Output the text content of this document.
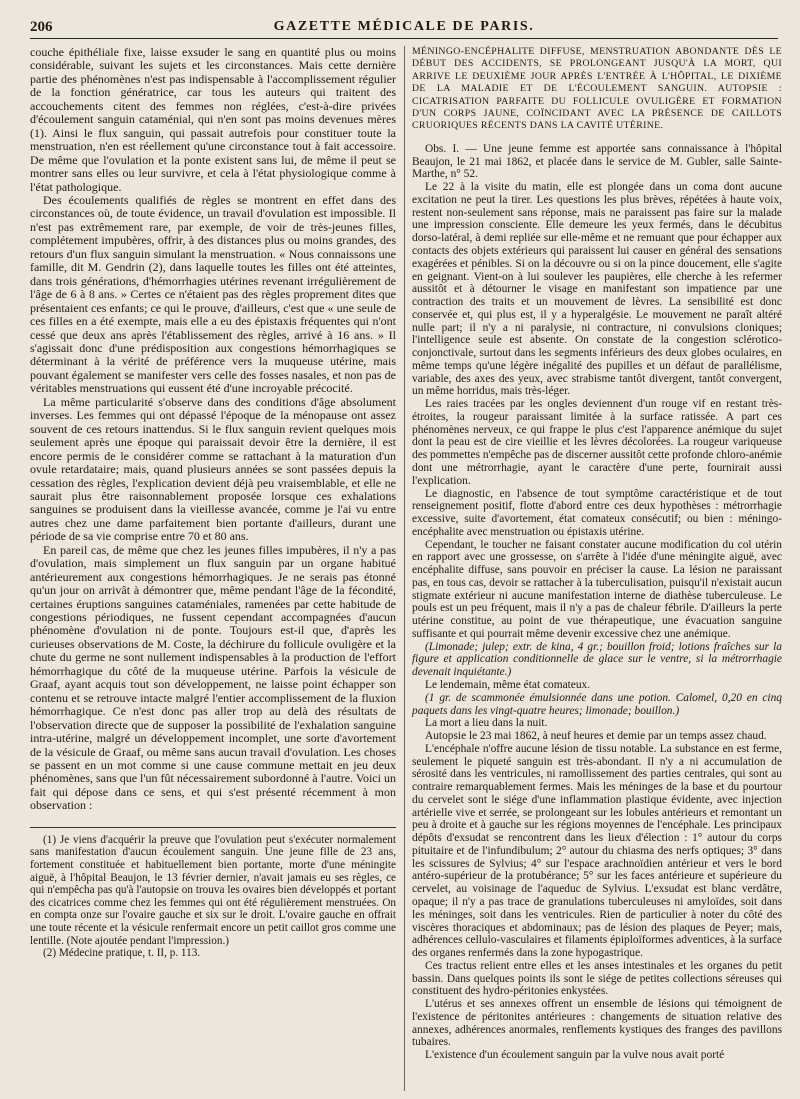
206	GAZETTE MÉDICALE DE PARIS.

couche épithéliale fixe, laisse exsuder le sang en quantité plus ou moins considérable, suivant les sujets et les circonstances. Mais cette dernière partie des phénomènes n'est pas indispensable à l'accomplissement régulier de la fonction génératrice, car tous les auteurs qui traitent des accouchements citent des femmes non réglées, c'est-à-dire privées d'écoulement sanguin cataménial, qui n'en sont pas moins devenues mères (1). Ainsi le flux sanguin, qui passait autrefois pour constituer toute la menstruation, n'en est réellement qu'une circonstance tout à fait accessoire. De même que l'ovulation et la ponte existent sans lui, de même il peut se montrer sans elles ou leur survivre, et cela à l'état physiologique comme à l'état pathologique.

Des écoulements qualifiés de règles se montrent en effet dans des circonstances où, de toute évidence, un travail d'ovulation est impossible. Il n'est pas extrêmement rare, par exemple, de voir de très-jeunes filles, complétement impubères, offrir, à des distances plus ou moins grandes, des retours d'un flux sanguin simulant la menstruation. « Nous connaissons une famille, dit M. Gendrin (2), dans laquelle toutes les filles ont été atteintes, dans trois générations, d'hémorrhagies utérines revenant irrégulièrement de l'âge de 6 à 8 ans. » Certes ce n'étaient pas des règles proprement dites que présentaient ces enfants; ce qui le prouve, d'ailleurs, c'est que « une seule de ces filles en a été exempte, mais elle a eu des épistaxis fréquentes qui n'ont cessé que deux ans après l'établissement des règles, arrivé à 16 ans. » Il s'agissait donc d'une prédisposition aux congestions hémorrhagiques se déterminant à la vérité de préférence vers la muqueuse utérine, mais pouvant également se manifester vers celle des fosses nasales, et non pas de véritables menstruations qui eussent été d'une incroyable précocité.

La même particularité s'observe dans des conditions d'âge absolument inverses. Les femmes qui ont dépassé l'époque de la ménopause ont assez souvent de ces retours inattendus. Si le flux sanguin revient quelques mois seulement après une époque qui paraissait devoir être la dernière, il est encore permis de le considérer comme se rattachant à la maturation d'un ovule retardataire; mais, quand plusieurs années se sont passées depuis la cessation des règles, l'explication devient déjà peu vraisemblable, et elle ne saurait plus être raisonnablement proposée lorsque ces exhalations sanguines se produisent dans la vieillesse avancée, comme je l'ai vu entre autres chez une dame parfaitement bien portante d'ailleurs, durant une période de sa vie comprise entre 70 et 80 ans.

En pareil cas, de même que chez les jeunes filles impubères, il n'y a pas d'ovulation, mais simplement un flux sanguin par un organe habitué antérieurement aux congestions hémorrhagiques. Je ne serais pas étonné qu'un jour on arrivât à démontrer que, même pendant l'âge de la fécondité, certaines éruptions sanguines cataméniales, ramenées par cette habitude de congestions périodiques, ne fussent cependant accompagnées d'aucun phénomène d'ovulation ni de ponte. Toujours est-il que, d'après les curieuses observations de M. Coste, la déchirure du follicule ovuligère et la chute du germe ne sont nullement indispensables à la production de l'effort hémorrhagique du côté de la muqueuse utérine. Parfois la vésicule de Graaf, ayant acquis tout son développement, ne laisse point échapper son contenu et se retrouve intacte malgré l'entier accomplissement de la fluxion hémorrhagique. Ce n'est donc pas aller trop au delà des résultats de l'observation directe que de supposer la possibilité de l'exhalation sanguine intra-utérine, malgré un développement incomplet, une sorte d'avortement de la vésicule de Graaf, ou même sans aucun travail d'ovulation. Les choses se passent en un mot comme si une cause commune mettait en jeu deux phénomènes, sans que l'un fût nécessairement subordonné à l'autre. Voici un fait qui dépose dans ce sens, et qui s'est présenté récemment à mon observation :

(1) Je viens d'acquérir la preuve que l'ovulation peut s'exécuter normalement sans manifestation d'aucun écoulement sanguin. Une jeune fille de 23 ans, fortement constituée et habituellement bien portante, morte d'une méningite aiguë, à l'hôpital Beaujon, le 13 février dernier, n'avait jamais eu ses règles, ce qui n'empêcha pas qu'à l'autopsie on trouva les ovaires bien développés et portant des cicatrices comme chez les femmes qui ont été régulièrement menstruées. On en compta onze sur l'ovaire gauche et six sur le droit. L'ovaire gauche en offrait une toute récente et la vésicule renfermait encore un petit caillot gros comme une lentille. (Note ajoutée pendant l'impression.)

(2) Médecine pratique, t. II, p. 113.

MÉNINGO-ENCÉPHALITE DIFFUSE, MENSTRUATION ABONDANTE DÈS LE DÉBUT DES ACCIDENTS, SE PROLONGEANT JUSQU'À LA MORT, QUI ARRIVE LE DEUXIÈME JOUR APRÈS L'ENTRÉE À L'HÔPITAL, LE DIXIÈME DE LA MALADIE ET DE L'ÉCOULEMENT SANGUIN. AUTOPSIE : CICATRISATION PARFAITE DU FOLLICULE OVULIGÈRE ET FORMATION D'UN CORPS JAUNE, COÏNCIDANT AVEC LA PRÉSENCE DE CAILLOTS CRUORIQUES RÉCENTS DANS LA CAVITÉ UTÉRINE.

Obs. I. — Une jeune femme est apportée sans connaissance à l'hôpital Beaujon, le 21 mai 1862, et placée dans le service de M. Gubler, salle Sainte-Marthe, n° 52.

Le 22 à la visite du matin, elle est plongée dans un coma dont aucune excitation ne peut la tirer. Les questions les plus brèves, répétées à haute voix, restent non-seulement sans réponse, mais ne paraissent pas faire sur la malade une impression consciente. Elle demeure les yeux fermés, dans le décubitus dorso-latéral, à demi repliée sur elle-même et ne remuant que pour échapper aux contacts des objets extérieurs qui paraissent lui causer en général des sensations exagérées et pénibles. Si on la découvre ou si on la pince doucement, elle s'agite en geignant. Vient-on à lui soulever les paupières, elle cherche à les refermer aussitôt et à détourner le visage en manifestant son impatience par une contraction des traits et un mouvement de lèvres. La sensibilité est donc conservée et, qui plus est, il y a hyperalgésie. Le mouvement ne paraît altéré nulle part; il n'y a ni paralysie, ni contracture, ni convulsions cloniques; l'intelligence seule est absente. On constate de la congestion scléroticо-conjonctivale, surtout dans les segments inférieurs des deux globes oculaires, en même temps qu'une légère inégalité des pupilles et un défaut de parallélisme, variable, des axes des yeux, avec strabisme tantôt divergent, tantôt convergent, un même horridus, mais très-léger.

Les raies tracées par les ongles deviennent d'un rouge vif en restant très-étroites, la rougeur paraissant limitée à la surface ratissée. A part ces phénomènes nerveux, ce qui frappe le plus c'est l'apparence anémique du sujet dont la peau est de cire vieillie et les lèvres décolorées. La rougeur variqueuse des pommettes n'empêche pas de discerner aussitôt cette profonde chloro-anémie dont une métrorrhagie, ayant le caractère d'une perte, fournirait aussi l'explication.

Le diagnostic, en l'absence de tout symptôme caractéristique et de tout renseignement positif, flotte d'abord entre ces deux hypothèses : métrorrhagie excessive, suite d'avortement, état comateux consécutif; ou bien : méningo-encéphalite avec menstruation ou épistaxis utérine.

Cependant, le toucher ne faisant constater aucune modification du col utérin en rapport avec une grossesse, on s'arrête à l'idée d'une méningite aiguë, avec encéphalite diffuse, sans pouvoir en préciser la cause. La lésion ne paraissant pas, en tous cas, devoir se rattacher à la tuberculisation, puisqu'il n'existait aucun stigmate extérieur ni aucune manifestation interne de diathèse tuberculeuse. Le pouls est un peu fréquent, mais il n'y a pas de chaleur fébrile. D'ailleurs la perte utérine constitue, au point de vue thérapeutique, une évacuation sanguine suffisante et qui pourrait même devenir excessive chez une anémique.

(Limonade; julep; extr. de kina, 4 gr.; bouillon froid; lotions fraîches sur la figure et application conditionnelle de glace sur le ventre, si la métrorrhagie devenait inquiétante.)

Le lendemain, même état comateux.

(1 gr. de scammonée émulsionnée dans une potion. Calomel, 0,20 en cinq paquets dans les vingt-quatre heures; limonade; bouillon.)

La mort a lieu dans la nuit.

Autopsie le 23 mai 1862, à neuf heures et demie par un temps assez chaud.

L'encéphale n'offre aucune lésion de tissu notable. La substance en est ferme, seulement le piqueté sanguin est très-abondant. Il n'y a ni accumulation de sérosité dans les ventricules, ni ramollissement des parties centrales, qui sont au contraire remarquablement fermes. Mais les méninges de la base et du pourtour du cervelet sont le siége d'une inflammation plastique évidente, avec injection artérielle vive et serrée, se prolongeant sur les lobules antérieurs et remontant un peu à droite et à gauche sur les régions moyennes de l'encéphale. Les principaux dépôts d'exsudat se rencontrent dans les lieux d'élection : 1° autour du corps pituitaire et de l'infundibulum; 2° autour du chiasma des nerfs optiques; 3° dans les scissures de Sylvius; 4° sur l'espace arachnoïdien antérieur et vers le bord antéro-supérieur de la protubérance; 5° sur les faces antérieure et supérieure du cervelet, au voisinage de l'aqueduc de Sylvius. L'exsudat est blanc verdâtre, opaque; il n'y a pas trace de granulations tuberculeuses ni amyloïdes, soit dans les méninges, soit dans les ventricules. Rien de particulier à noter du côté des viscères thoraciques et abdominaux; pas de lésion des plaques de Peyer; mais, adhérences cellulo-vasculaires et filaments épiploïformes adventices, à la surface des organes renfermés dans la zone hypogastrique.

Ces tractus relient entre elles et les anses intestinales et les organes du petit bassin. Dans quelques points ils sont le siége de petites collections séreuses qui constituent des hydro-péritonies enkystées.

L'utérus et ses annexes offrent un ensemble de lésions qui témoignent de l'existence de péritonites antérieures : changements de situation relative des annexes, adhérences anormales, renflements kystiques des franges des pavillons tubaires.

L'existence d'un écoulement sanguin par la vulve nous avait porté
